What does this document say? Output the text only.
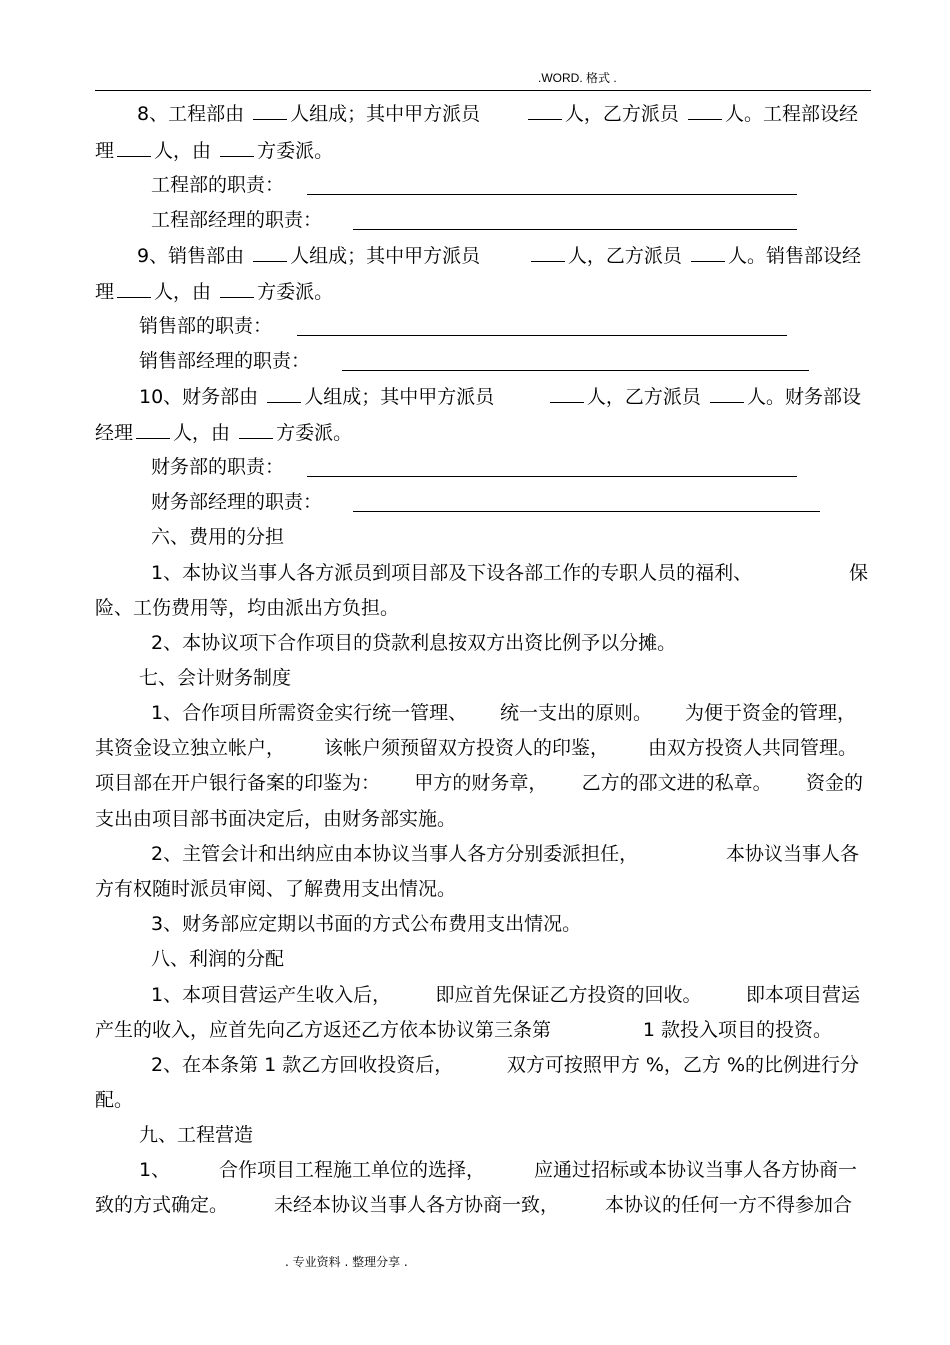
.WORD. 格式 .
8、工程部由 人组成；其中甲方派员	人，乙方派员 人。工程部设经
理 人，由 方委派。
工程部的职责：
工程部经理的职责：
9、销售部由 人组成；其中甲方派员	人，乙方派员 人。销售部设经
理 人，由 方委派。
销售部的职责：
销售部经理的职责：
10、财务部由 人组成；其中甲方派员	人，乙方派员 人。财务部设
经理 人，由 方委派。
财务部的职责：
财务部经理的职责：
六、费用的分担
1、本协议当事人各方派员到项目部及下设各部工作的专职人员的福利、	保
险、工伤费用等，均由派出方负担。
2、本协议项下合作项目的贷款利息按双方出资比例予以分摊。
七、会计财务制度
1、合作项目所需资金实行统一管理、 统一支出的原则。 为便于资金的管理，
其资金设立独立帐户， 该帐户须预留双方投资人的印鉴， 由双方投资人共同管理。
项目部在开户银行备案的印鉴为： 甲方的财务章， 乙方的邵文进的私章。 资金的
支出由项目部书面决定后，由财务部实施。
2、主管会计和出纳应由本协议当事人各方分别委派担任，	本协议当事人各
方有权随时派员审阅、了解费用支出情况。
3、财务部应定期以书面的方式公布费用支出情况。
八、利润的分配
1、本项目营运产生收入后， 即应首先保证乙方投资的回收。 即本项目营运
产生的收入，应首先向乙方返还乙方依本协议第三条第	1 款投入项目的投资。
2、在本条第 1 款乙方回收投资后，	双方可按照甲方 %，乙方 %的比例进行分
配。
九、工程营造
1、	合作项目工程施工单位的选择，	应通过招标或本协议当事人各方协商一
致的方式确定。 未经本协议当事人各方协商一致， 本协议的任何一方不得参加合
. 专业资料 . 整理分享 .
